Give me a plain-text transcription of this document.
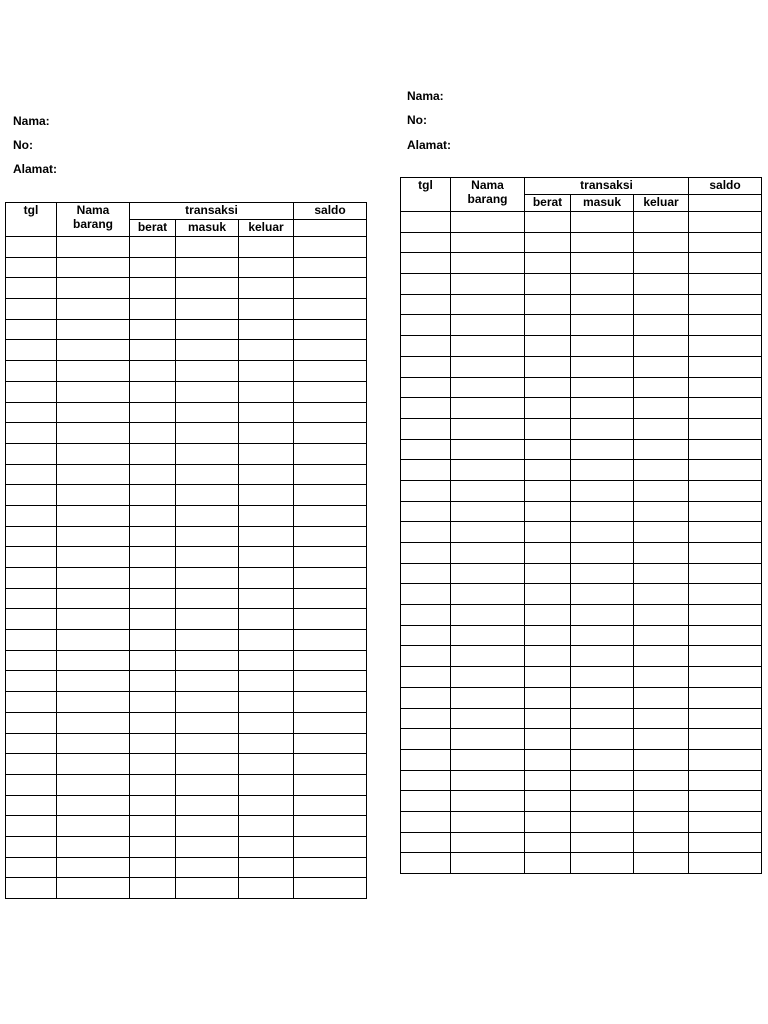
Nama:
No:
Alamat:
tgl	Nama barang	transaksi			saldo
		berat	masuk	keluar	

Nama:
No:
Alamat:
tgl	Nama barang	transaksi			saldo
		berat	masuk	keluar	
